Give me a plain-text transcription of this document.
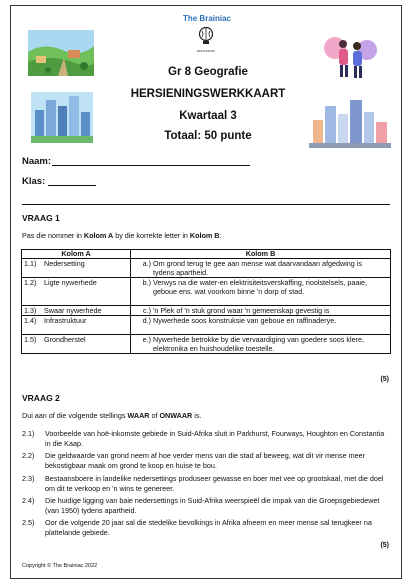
The Brainiac
EDUCATION
Gr 8 Geografie
HERSIENINGSWERKKAART
Kwartaal 3
Totaal: 50 punte
Naam:
Klas:
VRAAG 1
Pas die nommer in Kolom A by die korrekte letter in Kolom B:
Kolom A	Kolom B
1.1) Nedersetting	a.) Om grond terug te gee aan mense wat daarvandaan afgedwing is tydens apartheid.
1.2) Ligte nywerhede	b.) Verwys na die water-en elektrisiteitsverskaffing, rioolstelsels, paaie, geboue ens. wat voorkom binne 'n dorp of stad.
1.3) Swaar nywerhede	c.) 'n Plek of 'n stuk grond waar 'n gemeenskap gevestig is
1.4) Infrastruktuur	d.) Nywerhede soos konstruksie van geboue en raffinaderye.
1.5) Grondherstel	e.) Nywerhede betrokke by die vervaardiging van goedere soos klere, elektronika en huishoudelike toestelle.
(5)
VRAAG 2
Dui aan of die volgende stellings WAAR of ONWAAR is.
2.1) Voorbeelde van hoë-inkomste gebiede in Suid-Afrika sluit in Parkhurst, Fourways, Houghton en Constantia in die Kaap.
2.2) Die geldwaarde van grond neem af hoe verder mens van die stad af beweeg, wat dit vir mense meer bekostigbaar maak om grond te koop en huise te bou.
2.3) Bestaansboere in landelike nedersettings produseer gewasse en boer met vee op grootskaal, met die doel om dit te verkoop en 'n wins te genereer.
2.4) Die huidige ligging van baie nedersettings in Suid-Afrika weerspieël die impak van die Groepsgebiedewet (van 1950) tydens apartheid.
2.5) Oor die volgende 20 jaar sal die stedelike bevolkings in Afrika afneem en meer mense sal terugkeer na plattelande gebiede.
(5)
Copyright © The Brainiac 2022
